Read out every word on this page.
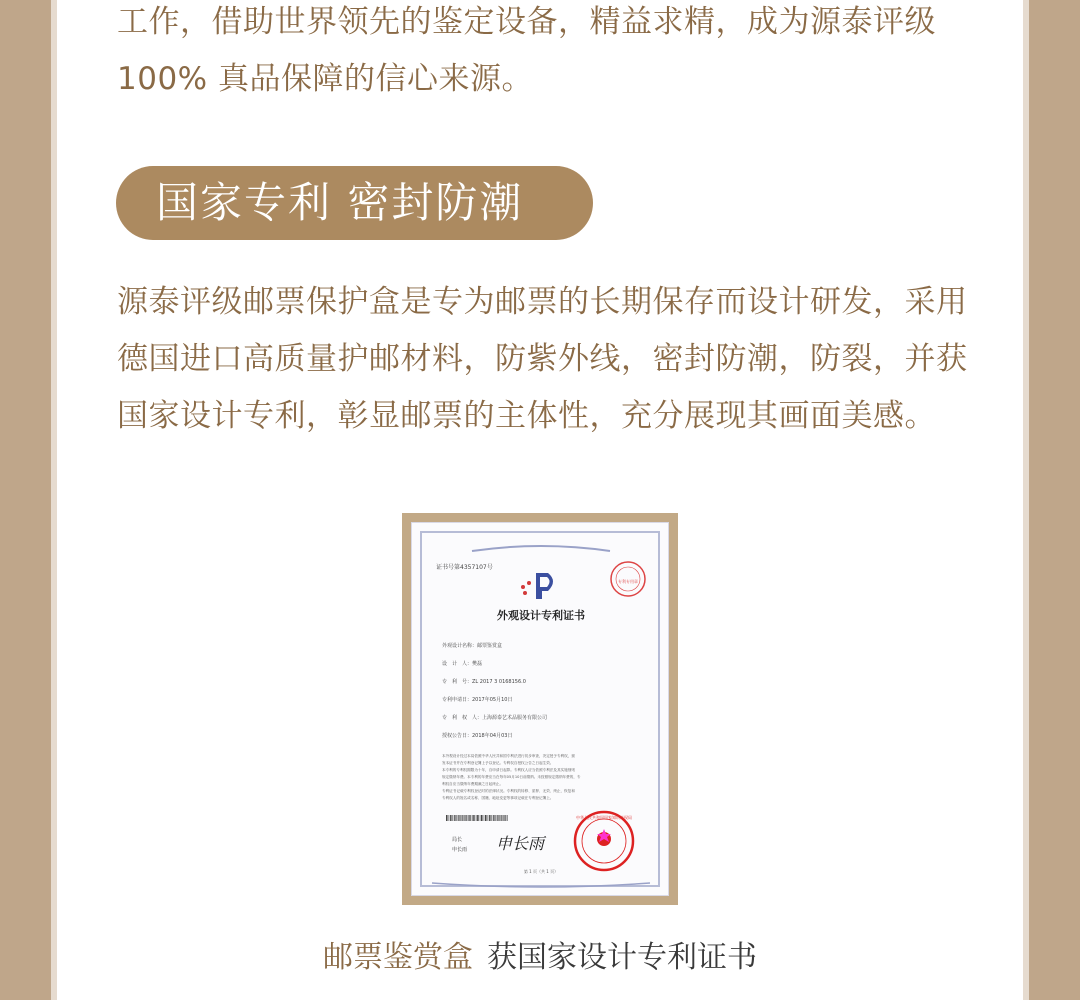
工作，借助世界领先的鉴定设备，精益求精，成为源泰评级100% 真品保障的信心来源。

国家专利 密封防潮

源泰评级邮票保护盒是专为邮票的长期保存而设计研发，采用德国进口高质量护邮材料，防紫外线，密封防潮，防裂，并获国家设计专利，彰显邮票的主体性，充分展现其画面美感。

证书号第4357107号
专利专用章
外观设计专利证书
外观设计名称：邮票鉴赏盒
设　计　人：樊磊
专　利　号：ZL 2017 3 0168156.0
专利申请日：2017年05月10日
专　利　权　人：上海源泰艺术品服务有限公司
授权公告日：2018年04月03日
本外观设计经过本局依照中华人民共和国专利法进行初步审查，决定授予专利权，颁
发本证书并在专利登记簿上予以登记。专利权自授权公告之日起生效。
本专利的专利权期限为十年，自申请日起算。专利权人应当依照专利法及其实施细则
规定缴纳年费。本专利的年费应当在每年05月10日前缴纳。未按照规定缴纳年费的，专
利权自应当缴纳年费期满之日起终止。
专利证书记载专利权登记时的法律状况。专利权的转移、质押、无效、终止、恢复和
专利权人的姓名或名称、国籍、地址变更等事项记载在专利登记簿上。
局长
申长雨 申长雨
中华人民共和国国家知识产权局
第 1 页（共 1 页）

邮票鉴赏盒 获国家设计专利证书
